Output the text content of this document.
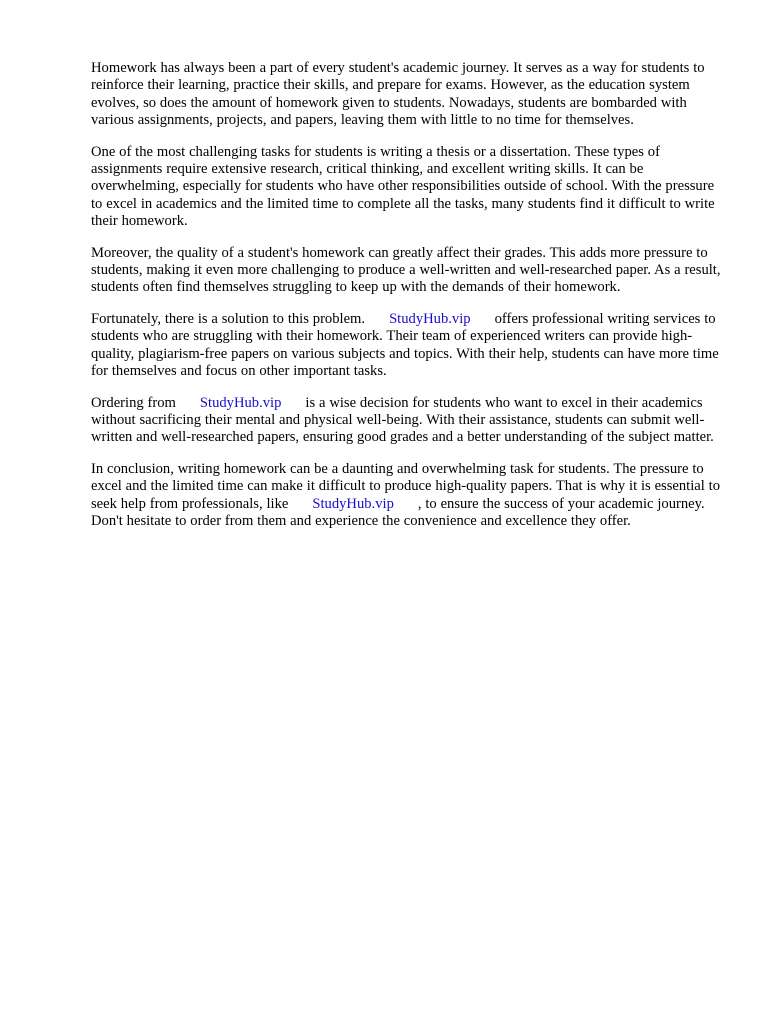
Homework has always been a part of every student's academic journey. It serves as a way for students to reinforce their learning, practice their skills, and prepare for exams. However, as the education system evolves, so does the amount of homework given to students. Nowadays, students are bombarded with various assignments, projects, and papers, leaving them with little to no time for themselves.

One of the most challenging tasks for students is writing a thesis or a dissertation. These types of assignments require extensive research, critical thinking, and excellent writing skills. It can be overwhelming, especially for students who have other responsibilities outside of school. With the pressure to excel in academics and the limited time to complete all the tasks, many students find it difficult to write their homework.

Moreover, the quality of a student's homework can greatly affect their grades. This adds more pressure to students, making it even more challenging to produce a well-written and well-researched paper. As a result, students often find themselves struggling to keep up with the demands of their homework.

Fortunately, there is a solution to this problem. StudyHub.vip offers professional writing services to students who are struggling with their homework. Their team of experienced writers can provide high-quality, plagiarism-free papers on various subjects and topics. With their help, students can have more time for themselves and focus on other important tasks.

Ordering from StudyHub.vip is a wise decision for students who want to excel in their academics without sacrificing their mental and physical well-being. With their assistance, students can submit well-written and well-researched papers, ensuring good grades and a better understanding of the subject matter.

In conclusion, writing homework can be a daunting and overwhelming task for students. The pressure to excel and the limited time can make it difficult to produce high-quality papers. That is why it is essential to seek help from professionals, like StudyHub.vip , to ensure the success of your academic journey. Don't hesitate to order from them and experience the convenience and excellence they offer.
